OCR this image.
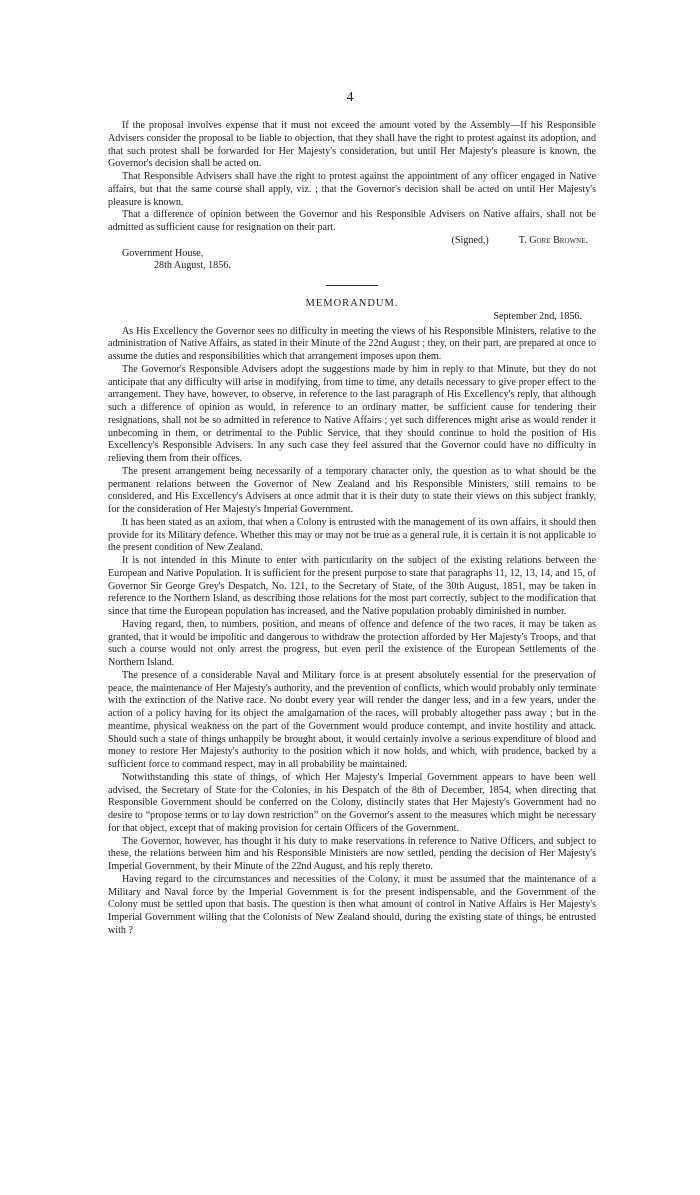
4

If the proposal involves expense that it must not exceed the amount voted by the Assembly—If his Responsible Advisers consider the proposal to be liable to objection, that they shall have the right to protest against its adoption, and that such protest shall be forwarded for Her Majesty's consideration, but until Her Majesty's pleasure is known, the Governor's decision shall be acted on.

That Responsible Advisers shall have the right to protest against the appointment of any officer engaged in Native affairs, but that the same course shall apply, viz. ; that the Governor's decision shall be acted on until Her Majesty's pleasure is known.

That a difference of opinion between the Governor and his Responsible Advisers on Native affairs, shall not be admitted as sufficient cause for resignation on their part.

(Signed,)	T. Gore Browne.

Government House,

28th August, 1856.

MEMORANDUM.

September 2nd, 1856.

As His Excellency the Governor sees no difficulty in meeting the views of his Responsible Ministers, relative to the administration of Native Affairs, as stated in their Minute of the 22nd August ; they, on their part, are prepared at once to assume the duties and responsibilities which that arrangement imposes upon them.

The Governor's Responsible Advisers adopt the suggestions made by him in reply to that Minute, but they do not anticipate that any difficulty will arise in modifying, from time to time, any details necessary to give proper effect to the arrangement. They have, however, to observe, in reference to the last paragraph of His Excellency's reply, that although such a difference of opinion as would, in reference to an ordinary matter, be sufficient cause for tendering their resignations, shall not be so admitted in reference to Native Affairs ; yet such differences might arise as would render it unbecoming in them, or detrimental to the Public Service, that they should continue to hold the position of His Excellency's Responsible Advisers. In any such case they feel assured that the Governor could have no difficulty in relieving them from their offices.

The present arrangement being necessarily of a temporary character only, the question as to what should be the permanent relations between the Governor of New Zealand and his Responsible Ministers, still remains to be considered, and His Excellency's Advisers at once admit that it is their duty to state their views on this subject frankly, for the consideration of Her Majesty's Imperial Government.

It has been stated as an axiom, that when a Colony is entrusted with the management of its own affairs, it should then provide for its Military defence. Whether this may or may not be true as a general rule, it is certain it is not applicable to the present condition of New Zealand.

It is not intended in this Minute to enter with particularity on the subject of the existing relations between the European and Native Population. It is sufficient for the present purpose to state that paragraphs 11, 12, 13, 14, and 15, of Governor Sir George Grey's Despatch, No. 121, to the Secretary of State, of the 30th August, 1851, may be taken in reference to the Northern Island, as describing those relations for the most part correctly, subject to the modification that since that time the European population has increased, and the Native population probably diminished in number.

Having regard, then, to numbers, position, and means of offence and defence of the two races, it may be taken as granted, that it would be impolitic and dangerous to withdraw the protection afforded by Her Majesty's Troops, and that such a course would not only arrest the progress, but even peril the existence of the European Settlements of the Northern Island.

The presence of a considerable Naval and Military force is at present absolutely essential for the preservation of peace, the maintenance of Her Majesty's authority, and the prevention of conflicts, which would probably only terminate with the extinction of the Native race. No doubt every year will render the danger less, and in a few years, under the action of a policy having for its object the amalgamation of the races, will probably altogether pass away ; but in the meantime, physical weakness on the part of the Government would produce contempt, and invite hostility and attack. Should such a state of things unhappily be brought about, it would certainly involve a serious expenditure of blood and money to restore Her Majesty's authority to the position which it now holds, and which, with prudence, backed by a sufficient force to command respect, may in all probability be maintained.

Notwithstanding this state of things, of which Her Majesty's Imperial Government appears to have been well advised, the Secretary of State for the Colonies, in his Despatch of the 8th of December, 1854, when directing that Responsible Government should be conferred on the Colony, distinctly states that Her Majesty's Government had no desire to “propose terms or to lay down restriction” on the Governor's assent to the measures which might be necessary for that object, except that of making provision for certain Officers of the Government.

The Governor, however, has thought it his duty to make reservations in reference to Native Officers, and subject to these, the relations between him and his Responsible Ministers are now settled, pending the decision of Her Majesty's Imperial Government, by their Minute of the 22nd August, and his reply thereto.

Having regard to the circumstances and necessities of the Colony, it must be assumed that the maintenance of a Military and Naval force by the Imperial Government is for the present indispensable, and the Government of the Colony must be settled upon that basis. The question is then what amount of control in Native Affairs is Her Majesty's Imperial Government willing that the Colonists of New Zealand should, during the existing state of things, be entrusted with ?
